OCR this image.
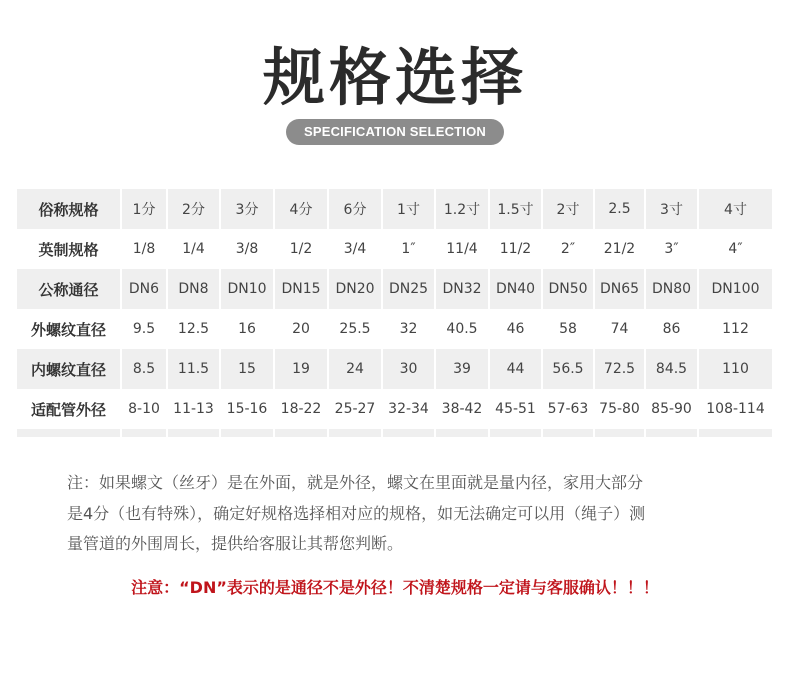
规格选择
SPECIFICATION SELECTION
俗称规格	1分	2分	3分	4分	6分	1寸	1.2寸	1.5寸	2寸	2.5	3寸	4寸
英制规格	1/8	1/4	3/8	1/2	3/4	1″	11/4	11/2	2″	21/2	3″	4″
公称通径	DN6	DN8	DN10	DN15	DN20	DN25	DN32	DN40	DN50	DN65	DN80	DN100
外螺纹直径	9.5	12.5	16	20	25.5	32	40.5	46	58	74	86	112
内螺纹直径	8.5	11.5	15	19	24	30	39	44	56.5	72.5	84.5	110
适配管外径	8-10	11-13	15-16	18-22	25-27	32-34	38-42	45-51	57-63	75-80	85-90	108-114

注：如果螺文（丝牙）是在外面，就是外径，螺文在里面就是量内径，家用大部分
是4分（也有特殊），确定好规格选择相对应的规格，如无法确定可以用（绳子）测
量管道的外围周长，提供给客服让其帮您判断。
注意：“DN”表示的是通径不是外径！不清楚规格一定请与客服确认！！！
